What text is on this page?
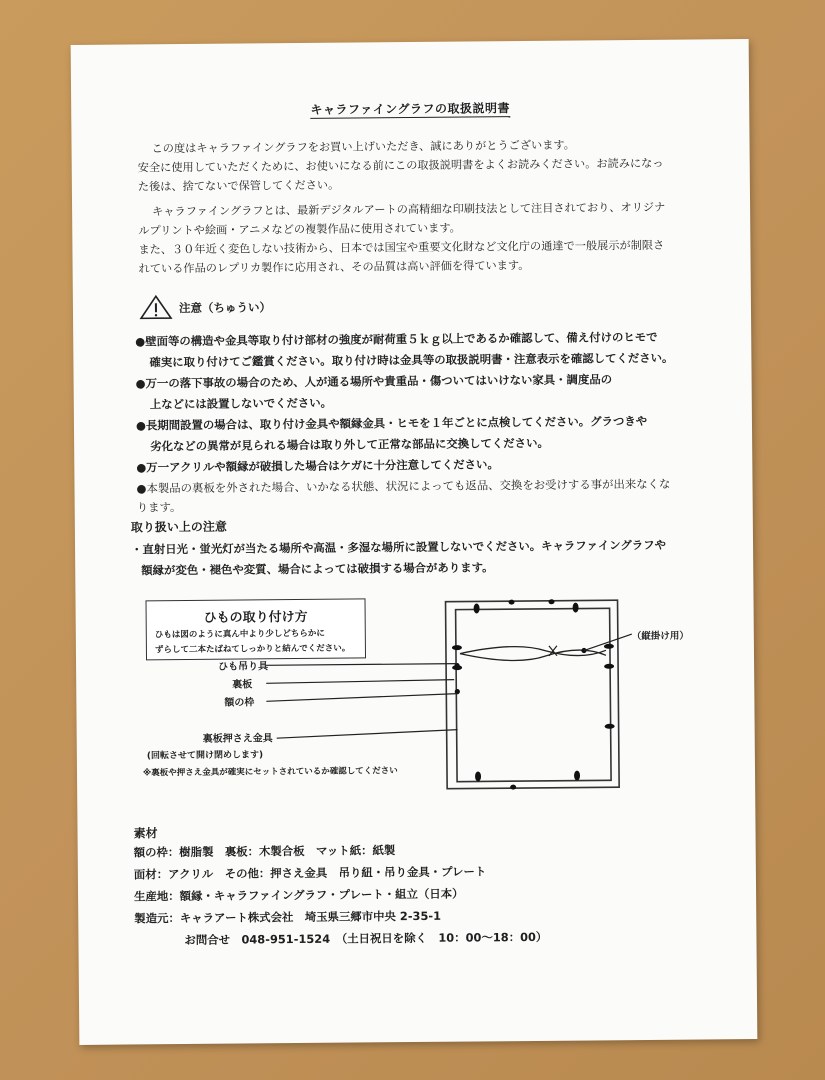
キャラファイングラフの取扱説明書
この度はキャラファイングラフをお買い上げいただき、誠にありがとうございます。
安全に使用していただくために、お使いになる前にこの取扱説明書をよくお読みください。お読みになっ
た後は、捨てないで保管してください。
キャラファイングラフとは、最新デジタルアートの高精細な印刷技法として注目されており、オリジナ
ルプリントや絵画・アニメなどの複製作品に使用されています。
また、３０年近く変色しない技術から、日本では国宝や重要文化財など文化庁の通達で一般展示が制限さ
れている作品のレプリカ製作に応用され、その品質は高い評価を得ています。
注意（ちゅうい）
●壁面等の構造や金具等取り付け部材の強度が耐荷重５ｋｇ以上であるか確認して、備え付けのヒモで
確実に取り付けてご鑑賞ください。取り付け時は金具等の取扱説明書・注意表示を確認してください。
●万一の落下事故の場合のため、人が通る場所や貴重品・傷ついてはいけない家具・調度品の
上などには設置しないでください。
●長期間設置の場合は、取り付け金具や額縁金具・ヒモを１年ごとに点検してください。グラつきや
劣化などの異常が見られる場合は取り外して正常な部品に交換してください。
●万一アクリルや額縁が破損した場合はケガに十分注意してください。
●本製品の裏板を外された場合、いかなる状態、状況によっても返品、交換をお受けする事が出来なくな
ります。
取り扱い上の注意
・直射日光・蛍光灯が当たる場所や高温・多湿な場所に設置しないでください。キャラファイングラフや
額縁が変色・褪色や変質、場合によっては破損する場合があります。
ひもの取り付け方
ひもは図のように真ん中より少しどちらかに
ずらして二本たばねてしっかりと結んでください。
ひも吊り具
裏板
額の枠
裏板押さえ金具
(回転させて開け閉めします)
（縦掛け用）
※裏板や押さえ金具が確実にセットされているか確認してください
素材
額の枠：樹脂製　裏板：木製合板　マット紙：紙製
面材：アクリル　その他：押さえ金具　吊り紐・吊り金具・プレート
生産地：額縁・キャラファイングラフ・プレート・組立（日本）
製造元：キャラアート株式会社　埼玉県三郷市中央 2-35-1
お問合せ　048-951-1524　（土日祝日を除く　10：00〜18：00）
